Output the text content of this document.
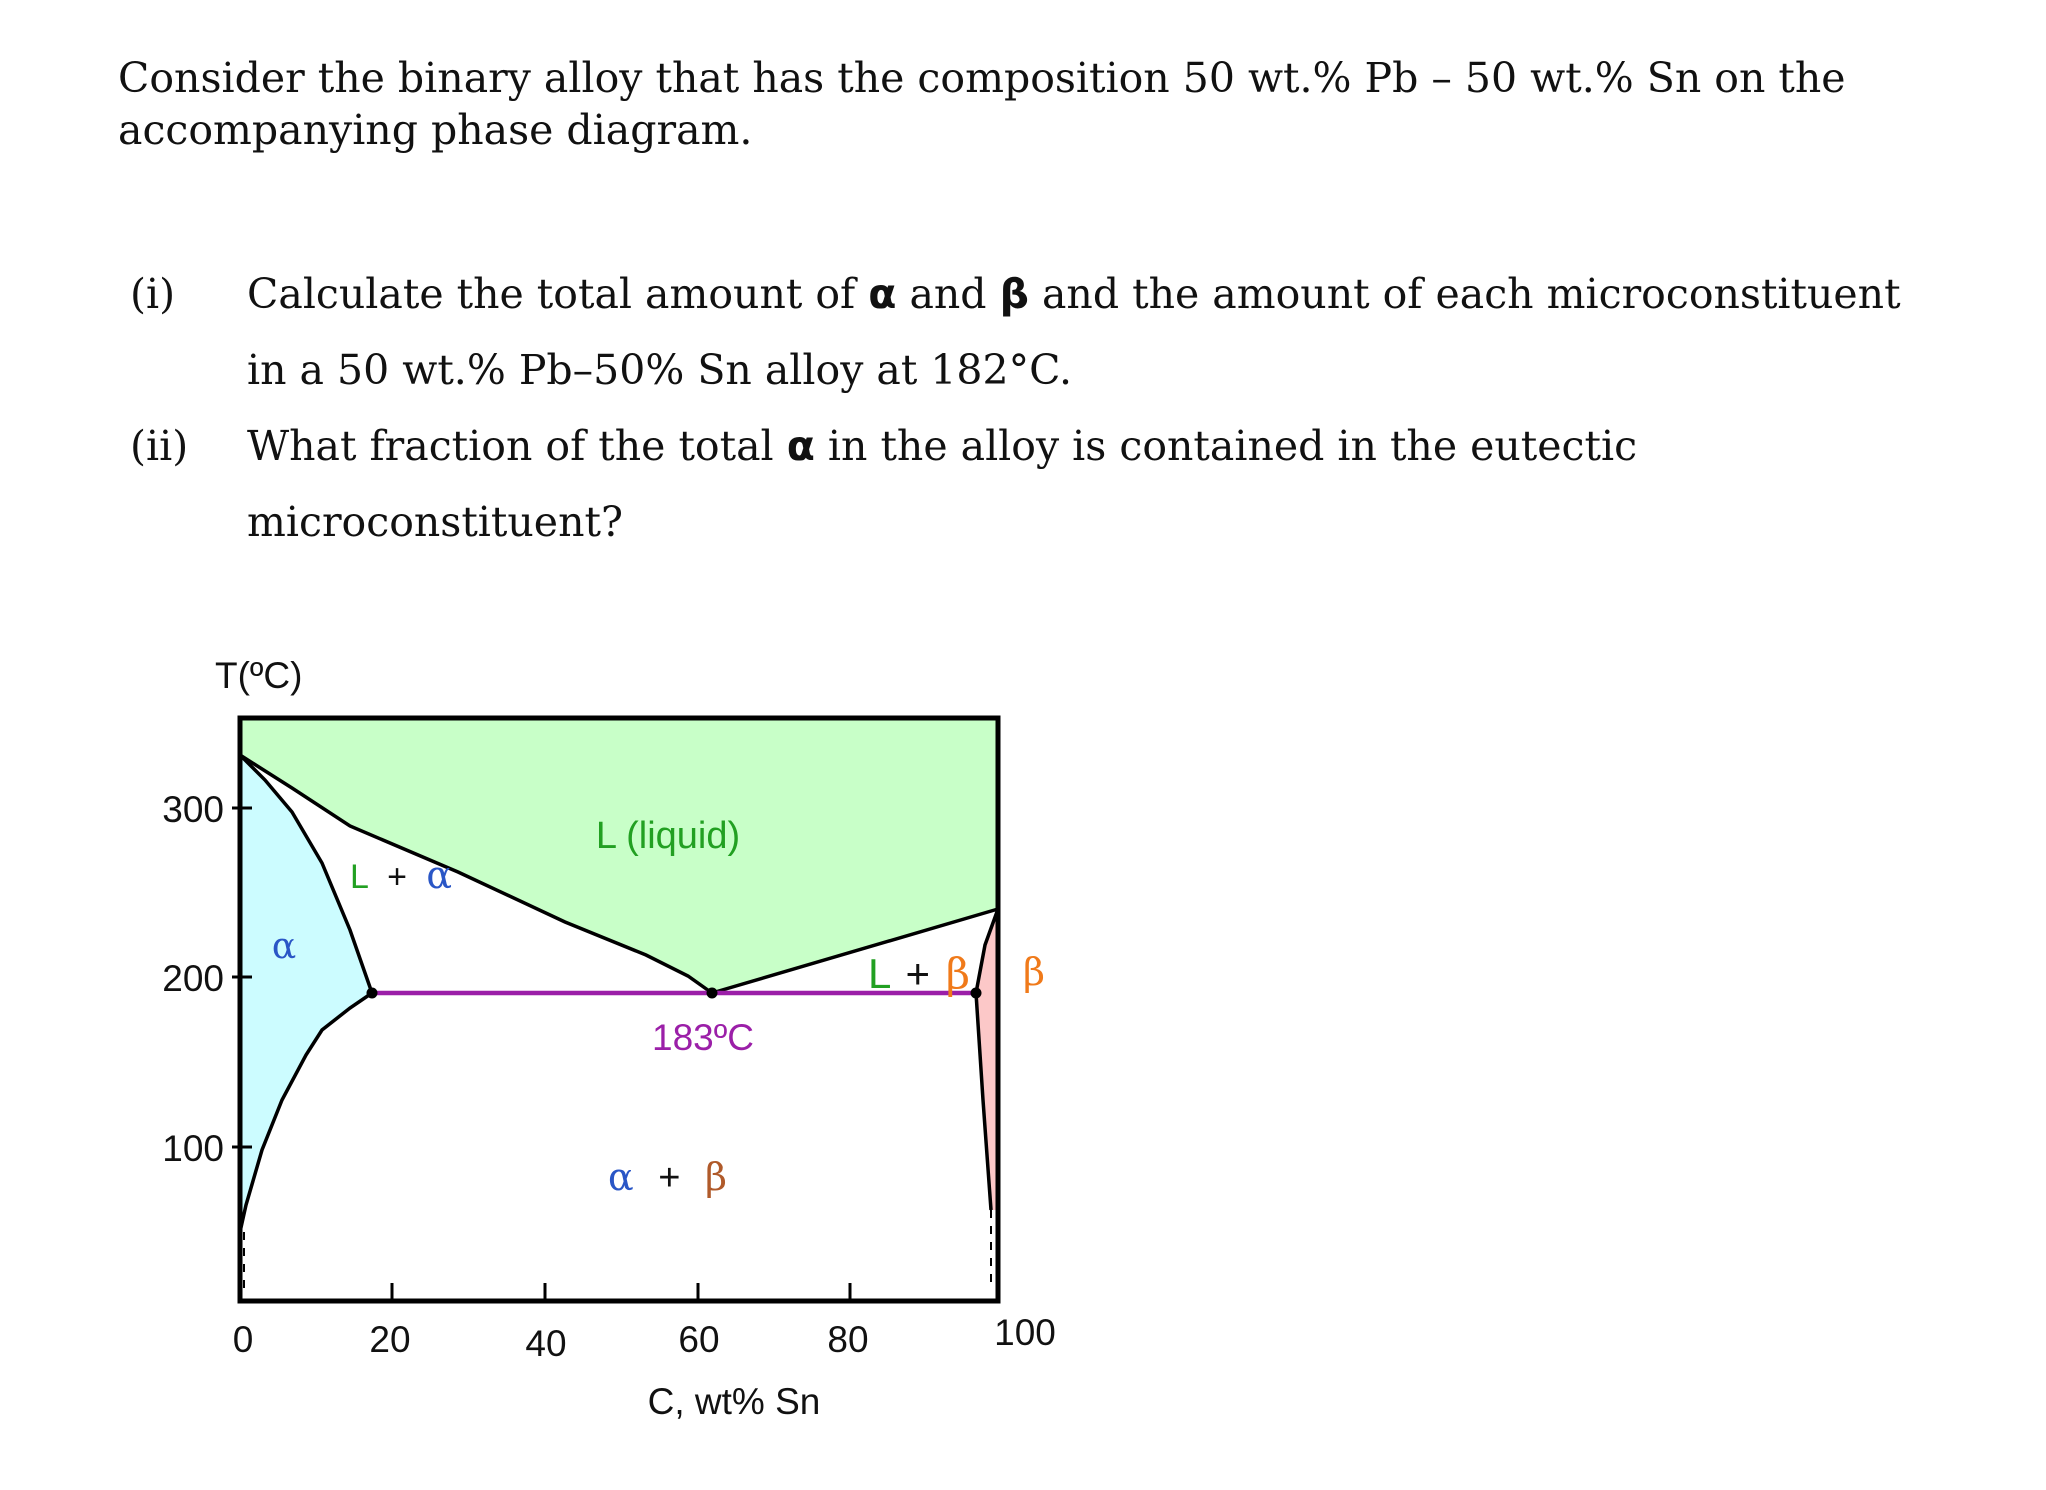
Consider the binary alloy that has the composition 50 wt.% Pb – 50 wt.% Sn on the
accompanying phase diagram.

(i) Calculate the total amount of α and β and the amount of each microconstituent
in a 50 wt.% Pb–50% Sn alloy at 182°C.
(ii) What fraction of the total α in the alloy is contained in the eutectic
microconstituent?
T(ºC)
300
200
100
0	20	40	60	80	100
C, wt% Sn
L (liquid)
L + α
α
183ºC
L + β β
α + β
